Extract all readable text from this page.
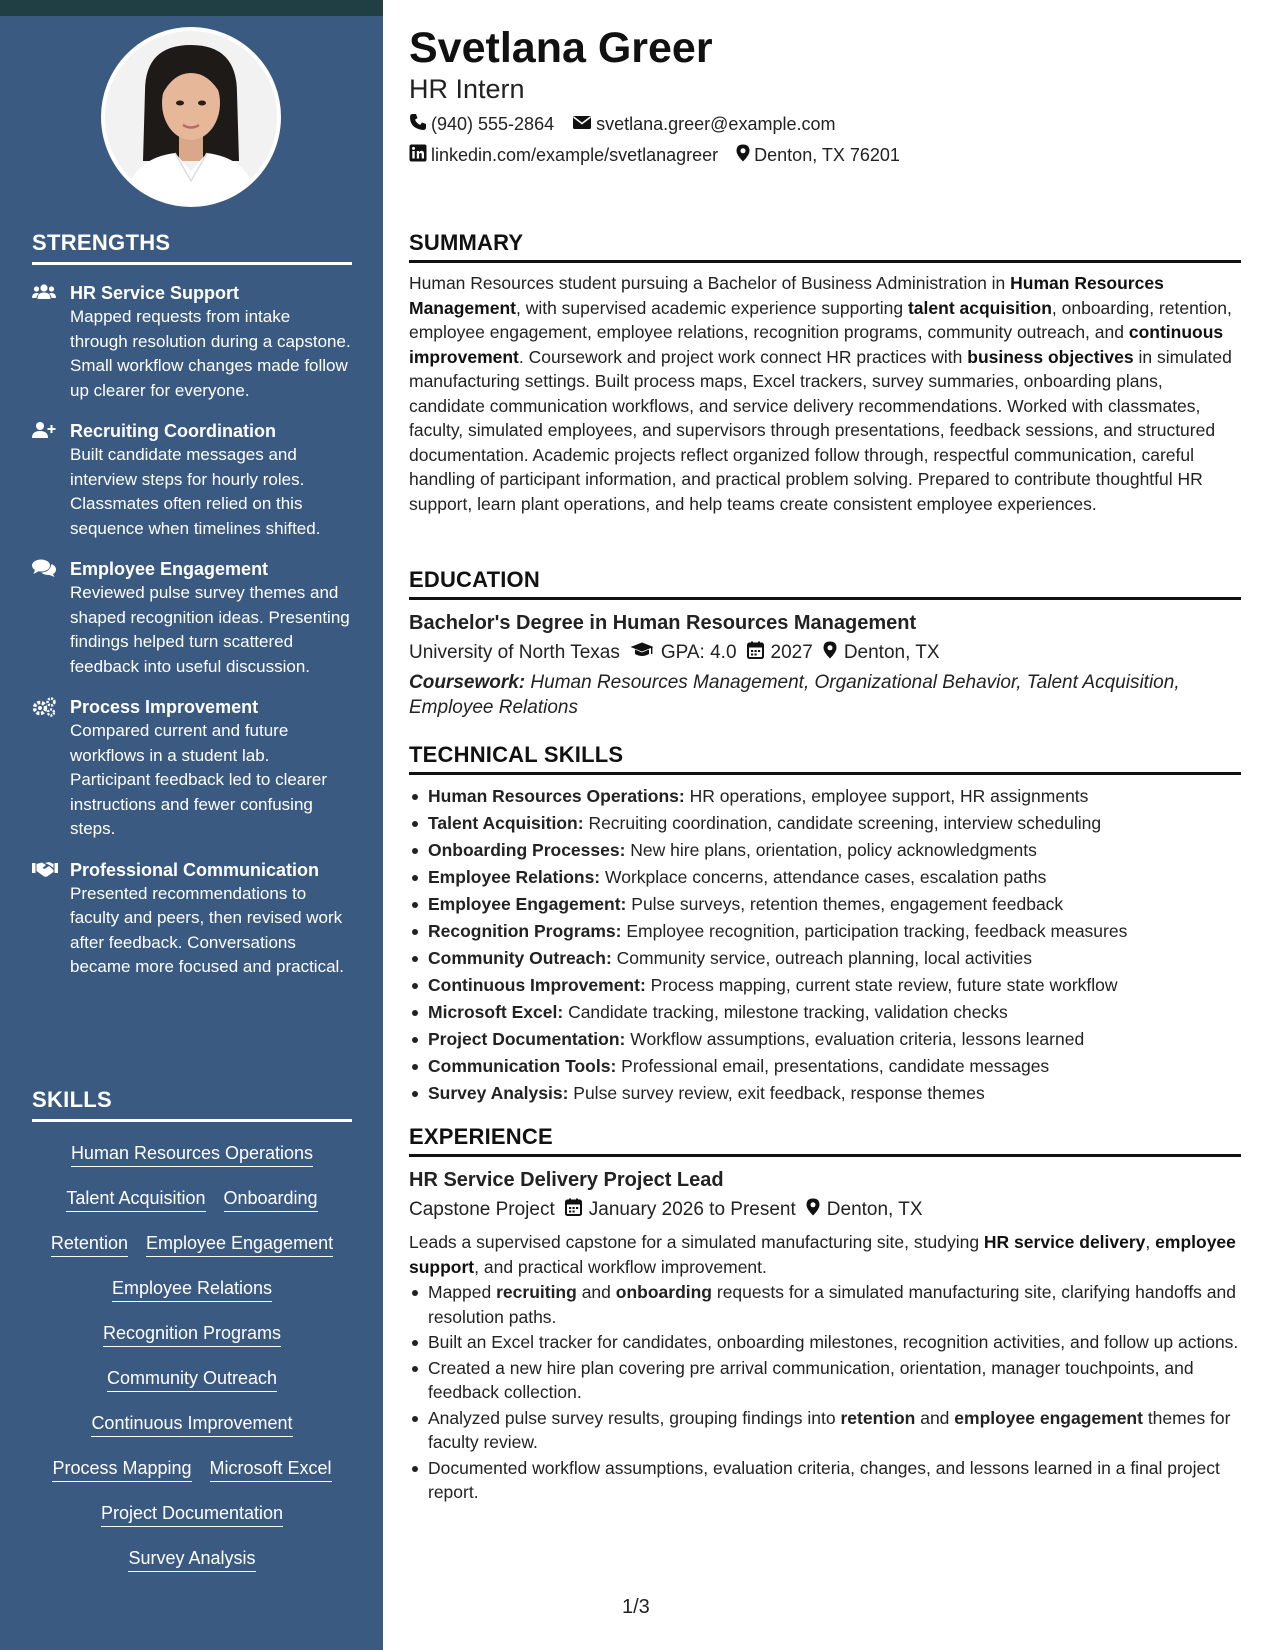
STRENGTHS
HR Service Support
Mapped requests from intake through resolution during a capstone. Small workflow changes made follow up clearer for everyone.
Recruiting Coordination
Built candidate messages and interview steps for hourly roles. Classmates often relied on this sequence when timelines shifted.
Employee Engagement
Reviewed pulse survey themes and shaped recognition ideas. Presenting findings helped turn scattered feedback into useful discussion.
Process Improvement
Compared current and future workflows in a student lab. Participant feedback led to clearer instructions and fewer confusing steps.
Professional Communication
Presented recommendations to faculty and peers, then revised work after feedback. Conversations became more focused and practical.
SKILLS
Human Resources Operations
Talent Acquisition Onboarding
Retention Employee Engagement
Employee Relations
Recognition Programs
Community Outreach
Continuous Improvement
Process Mapping Microsoft Excel
Project Documentation
Survey Analysis
Svetlana Greer
HR Intern
(940) 555-2864 svetlana.greer@example.com
linkedin.com/example/svetlanagreer Denton, TX 76201
SUMMARY

Human Resources student pursuing a Bachelor of Business Administration in Human Resources Management, with supervised academic experience supporting talent acquisition, onboarding, retention, employee engagement, employee relations, recognition programs, community outreach, and continuous improvement. Coursework and project work connect HR practices with business objectives in simulated manufacturing settings. Built process maps, Excel trackers, survey summaries, onboarding plans, candidate communication workflows, and service delivery recommendations. Worked with classmates, faculty, simulated employees, and supervisors through presentations, feedback sessions, and structured documentation. Academic projects reflect organized follow through, respectful communication, careful handling of participant information, and practical problem solving. Prepared to contribute thoughtful HR support, learn plant operations, and help teams create consistent employee experiences.

EDUCATION
Bachelor's Degree in Human Resources Management
University of North Texas GPA: 4.0 2027 Denton, TX
Coursework: Human Resources Management, Organizational Behavior, Talent Acquisition, Employee Relations
TECHNICAL SKILLS
Human Resources Operations: HR operations, employee support, HR assignments
Talent Acquisition: Recruiting coordination, candidate screening, interview scheduling
Onboarding Processes: New hire plans, orientation, policy acknowledgments
Employee Relations: Workplace concerns, attendance cases, escalation paths
Employee Engagement: Pulse surveys, retention themes, engagement feedback
Recognition Programs: Employee recognition, participation tracking, feedback measures
Community Outreach: Community service, outreach planning, local activities
Continuous Improvement: Process mapping, current state review, future state workflow
Microsoft Excel: Candidate tracking, milestone tracking, validation checks
Project Documentation: Workflow assumptions, evaluation criteria, lessons learned
Communication Tools: Professional email, presentations, candidate messages
Survey Analysis: Pulse survey review, exit feedback, response themes
EXPERIENCE
HR Service Delivery Project Lead
Capstone Project January 2026 to Present Denton, TX

Leads a supervised capstone for a simulated manufacturing site, studying HR service delivery, employee support, and practical workflow improvement.

Mapped recruiting and onboarding requests for a simulated manufacturing site, clarifying handoffs and resolution paths.
Built an Excel tracker for candidates, onboarding milestones, recognition activities, and follow up actions.
Created a new hire plan covering pre arrival communication, orientation, manager touchpoints, and feedback collection.
Analyzed pulse survey results, grouping findings into retention and employee engagement themes for faculty review.
Documented workflow assumptions, evaluation criteria, changes, and lessons learned in a final project report.
1/3
